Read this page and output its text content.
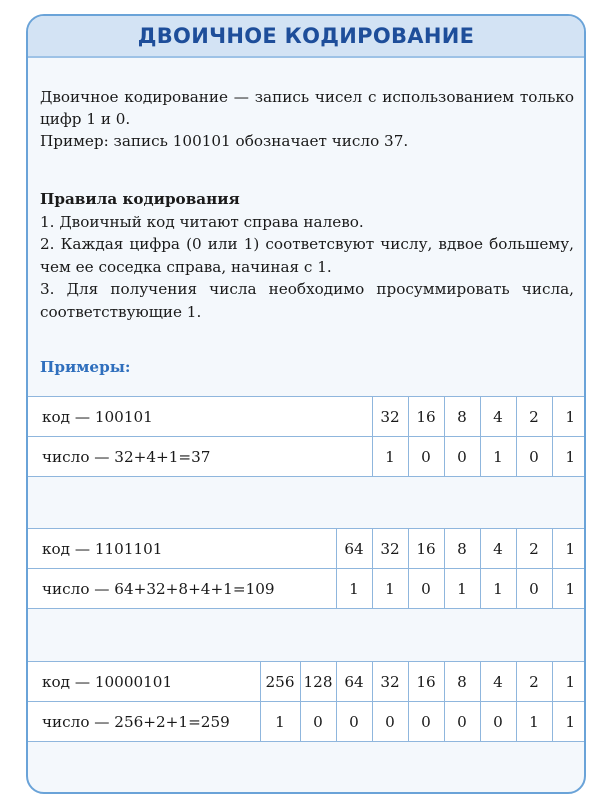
ДВОИЧНОЕ КОДИРОВАНИЕ

Двоичное кодирование — запись чисел с использованием только цифр 1 и 0.

Пример: запись 100101 обозначает число 37.

Правила кодирования

1. Двоичный код читают справа налево.

2. Каждая цифра (0 или 1) соответсвуют числу, вдвое большему, чем ее соседка справа, начиная с 1.

3. Для получения числа необходимо просуммировать числа, соответствующие 1.

Примеры:
код — 100101	32	16	8	4	2	1
число — 32+4+1=37	1	0	0	1	0	1
код — 1101101	64	32	16	8	4	2	1
число — 64+32+8+4+1=109	1	1	0	1	1	0	1
код — 10000101	256	128	64	32	16	8	4	2	1
число — 256+2+1=259	1	0	0	0	0	0	0	1	1
